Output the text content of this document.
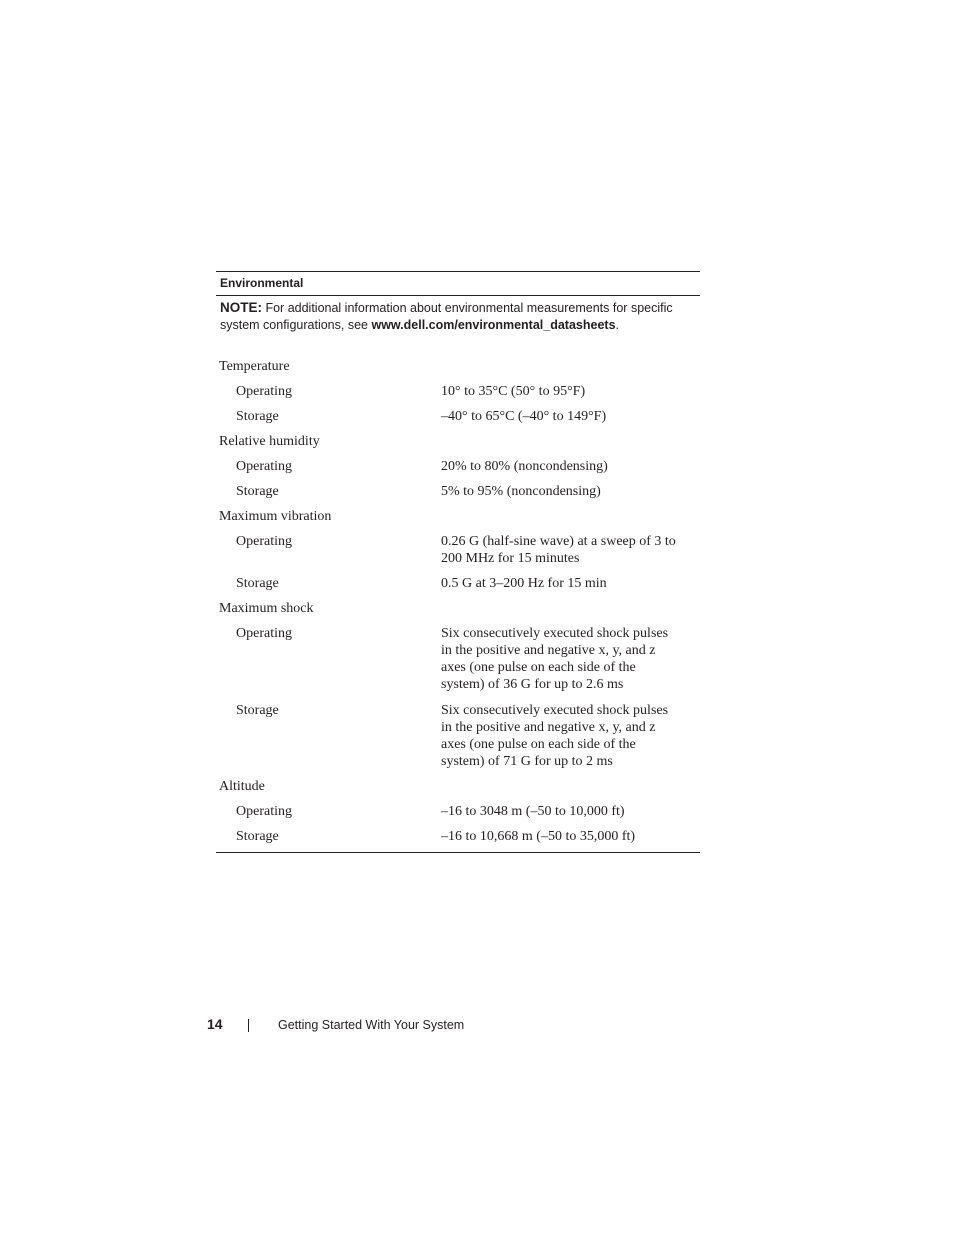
Environmental
NOTE: For additional information about environmental measurements for specific system configurations, see www.dell.com/environmental_datasheets.
Temperature
Operating	10° to 35°C (50° to 95°F)
Storage	–40° to 65°C (–40° to 149°F)
Relative humidity
Operating	20% to 80% (noncondensing)
Storage	5% to 95% (noncondensing)
Maximum vibration
Operating	0.26 G (half-sine wave) at a sweep of 3 to 200 MHz for 15 minutes
Storage	0.5 G at 3–200 Hz for 15 min
Maximum shock
Operating	Six consecutively executed shock pulses in the positive and negative x, y, and z axes (one pulse on each side of the system) of 36 G for up to 2.6 ms
Storage	Six consecutively executed shock pulses in the positive and negative x, y, and z axes (one pulse on each side of the system) of 71 G for up to 2 ms
Altitude
Operating	–16 to 3048 m (–50 to 10,000 ft)
Storage	–16 to 10,668 m (–50 to 35,000 ft)
14	Getting Started With Your System
